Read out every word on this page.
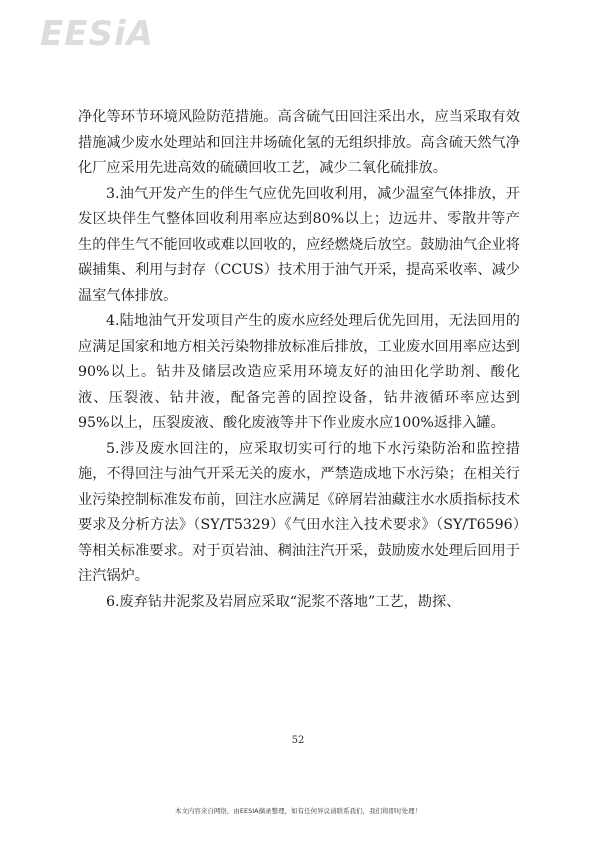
EESiA

净化等环节环境风险防范措施。高含硫气田回注采出水，应当采取有效措施减少废水处理站和回注井场硫化氢的无组织排放。高含硫天然气净化厂应采用先进高效的硫磺回收工艺，减少二氧化硫排放。

3.油气开发产生的伴生气应优先回收利用，减少温室气体排放，开发区块伴生气整体回收利用率应达到80%以上；边远井、零散井等产生的伴生气不能回收或难以回收的，应经燃烧后放空。鼓励油气企业将碳捕集、利用与封存（CCUS）技术用于油气开采，提高采收率、减少温室气体排放。

4.陆地油气开发项目产生的废水应经处理后优先回用，无法回用的应满足国家和地方相关污染物排放标准后排放，工业废水回用率应达到90%以上。钻井及储层改造应采用环境友好的油田化学助剂、酸化液、压裂液、钻井液，配备完善的固控设备，钻井液循环率应达到95%以上，压裂废液、酸化废液等井下作业废水应100%返排入罐。

5.涉及废水回注的，应采取切实可行的地下水污染防治和监控措施，不得回注与油气开采无关的废水，严禁造成地下水污染；在相关行业污染控制标准发布前，回注水应满足《碎屑岩油藏注水水质指标技术要求及分析方法》（SY/T5329）《气田水注入技术要求》（SY/T6596）等相关标准要求。对于页岩油、稠油注汽开采，鼓励废水处理后回用于注汽锅炉。

6.废弃钻井泥浆及岩屑应采取“泥浆不落地”工艺，勘探、

52
本文内容来自网络，由EESIA摘录整理，如有任何异议请联系我们，我们将即时处理！
